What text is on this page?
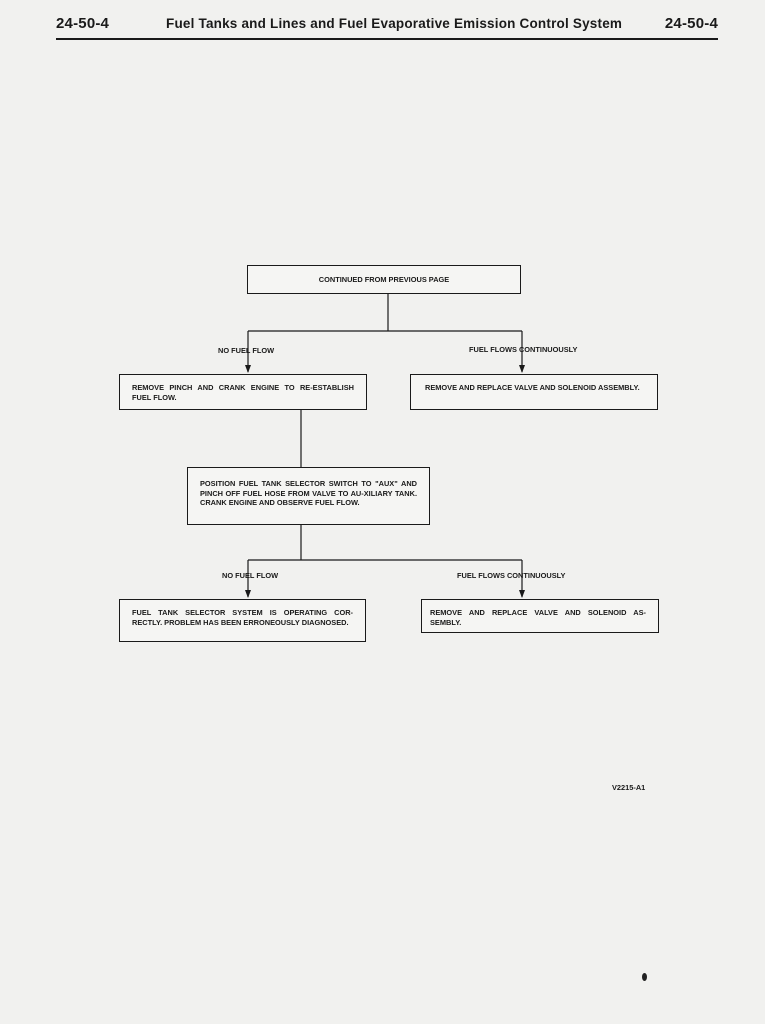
24-50-4	Fuel Tanks and Lines and Fuel Evaporative Emission Control System	24-50-4
CONTINUED FROM PREVIOUS PAGE
NO FUEL FLOW	FUEL FLOWS CONTINUOUSLY
REMOVE PINCH AND CRANK ENGINE TO RE-ESTABLISH FUEL FLOW.
REMOVE AND REPLACE VALVE AND SOLENOID ASSEMBLY.
POSITION FUEL TANK SELECTOR SWITCH TO "AUX" AND PINCH OFF FUEL HOSE FROM VALVE TO AU-XILIARY TANK. CRANK ENGINE AND OBSERVE FUEL FLOW.
NO FUEL FLOW	FUEL FLOWS CONTINUOUSLY
FUEL TANK SELECTOR SYSTEM IS OPERATING COR-RECTLY. PROBLEM HAS BEEN ERRONEOUSLY DIAGNOSED.
REMOVE AND REPLACE VALVE AND SOLENOID AS-SEMBLY.
V2215-A1
